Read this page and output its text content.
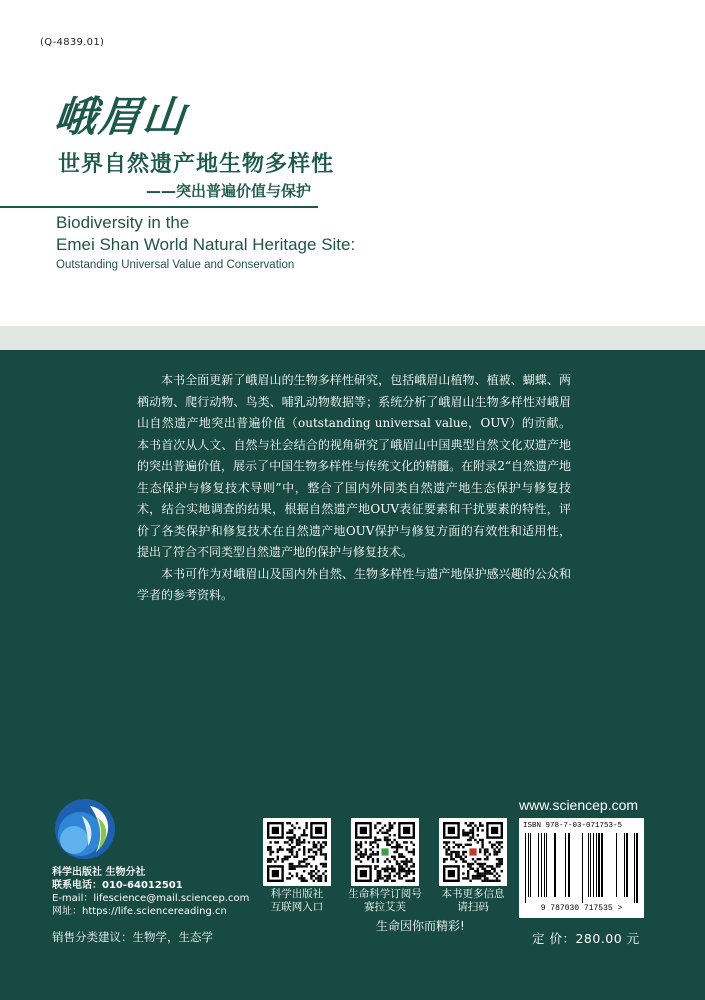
(Q-4839.01)
峨眉山
世界自然遗产地生物多样性
——突出普遍价值与保护
Biodiversity in the
Emei Shan World Natural Heritage Site:
Outstanding Universal Value and Conservation

本书全面更新了峨眉山的生物多样性研究，包括峨眉山植物、植被、蝴蝶、两栖动物、爬行动物、鸟类、哺乳动物数据等；系统分析了峨眉山生物多样性对峨眉山自然遗产地突出普遍价值（outstanding universal value，OUV）的贡献。本书首次从人文、自然与社会结合的视角研究了峨眉山中国典型自然文化双遗产地的突出普遍价值，展示了中国生物多样性与传统文化的精髓。在附录2“自然遗产地生态保护与修复技术导则”中，整合了国内外同类自然遗产地生态保护与修复技术，结合实地调查的结果，根据自然遗产地OUV表征要素和干扰要素的特性，评价了各类保护和修复技术在自然遗产地OUV保护与修复方面的有效性和适用性，提出了符合不同类型自然遗产地的保护与修复技术。

本书可作为对峨眉山及国内外自然、生物多样性与遗产地保护感兴趣的公众和学者的参考资料。

科学出版社 生物分社
联系电话：010-64012501
E-mail：lifescience@mail.sciencep.com
网址：https://life.sciencereading.cn
销售分类建议：生物学，生态学
科学出版社
互联网入口
生命科学订阅号
赛拉艾芙
本书更多信息
请扫码
生命因你而精彩!
www.sciencep.com
ISBN 978-7-03-071753-5
9 787030 717535 >
定 价：280.00 元
